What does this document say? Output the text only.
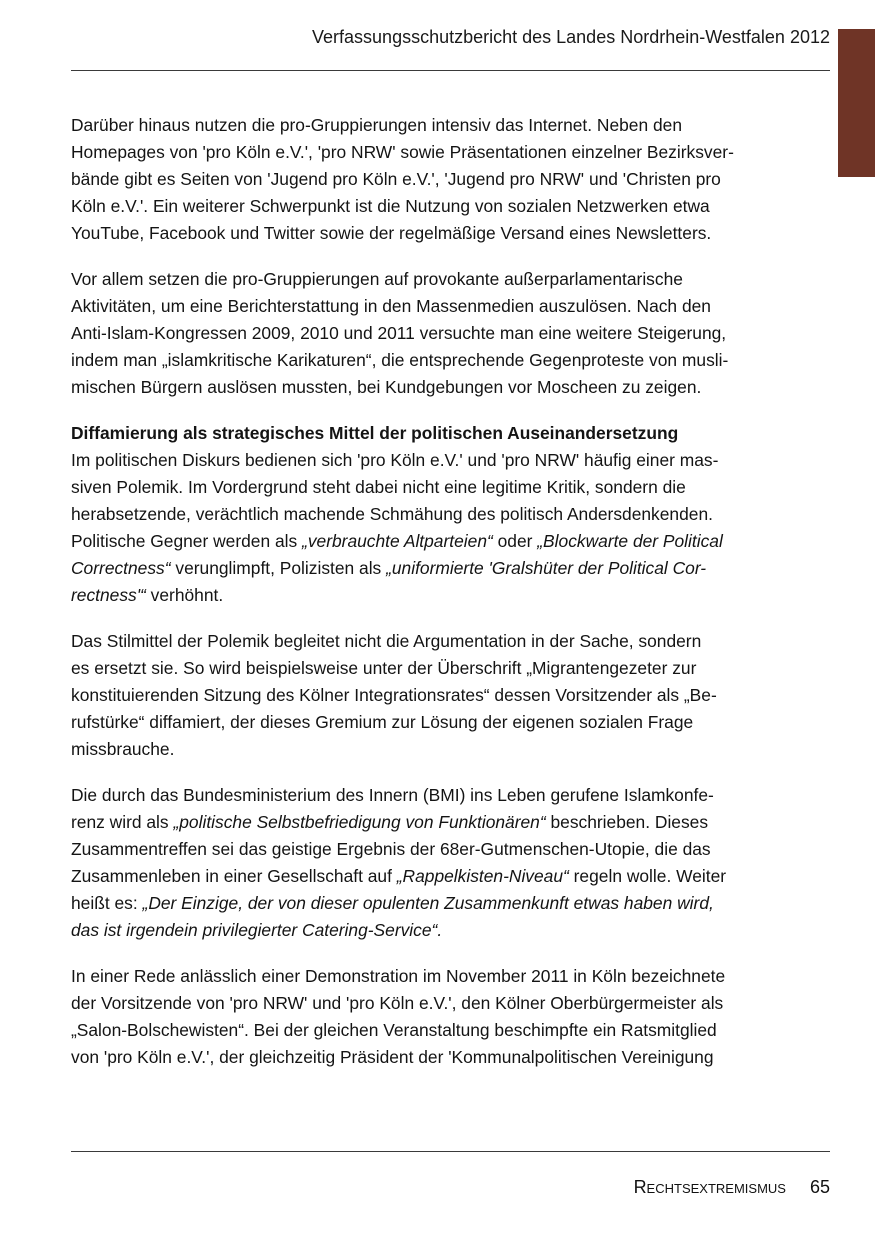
Verfassungsschutzbericht des Landes Nordrhein-Westfalen 2012

Darüber hinaus nutzen die pro-Gruppierungen intensiv das Internet. Neben den

Homepages von 'pro Köln e.V.', 'pro NRW' sowie Präsentationen einzelner Bezirksver-

bände gibt es Seiten von 'Jugend pro Köln e.V.', 'Jugend pro NRW' und 'Christen pro

Köln e.V.'. Ein weiterer Schwerpunkt ist die Nutzung von sozialen Netzwerken etwa

YouTube, Facebook und Twitter sowie der regelmäßige Versand eines Newsletters.

Vor allem setzen die pro-Gruppierungen auf provokante außerparlamentarische

Aktivitäten, um eine Berichterstattung in den Massenmedien auszulösen. Nach den

Anti-Islam-Kongressen 2009, 2010 und 2011 versuchte man eine weitere Steigerung,

indem man „islamkritische Karikaturen“, die entsprechende Gegenproteste von musli-

mischen Bürgern auslösen mussten, bei Kundgebungen vor Moscheen zu zeigen.

Diffamierung als strategisches Mittel der politischen Auseinandersetzung

Im politischen Diskurs bedienen sich 'pro Köln e.V.' und 'pro NRW' häufig einer mas-

siven Polemik. Im Vordergrund steht dabei nicht eine legitime Kritik, sondern die

herabsetzende, verächtlich machende Schmähung des politisch Andersdenkenden.

Politische Gegner werden als „verbrauchte Altparteien“ oder „Blockwarte der Political

Correctness“ verunglimpft, Polizisten als „uniformierte 'Gralshüter der Political Cor-

rectness'“ verhöhnt.

Das Stilmittel der Polemik begleitet nicht die Argumentation in der Sache, sondern

es ersetzt sie. So wird beispielsweise unter der Überschrift „Migrantengezeter zur

konstituierenden Sitzung des Kölner Integrationsrates“ dessen Vorsitzender als „Be-

rufstürke“ diffamiert, der dieses Gremium zur Lösung der eigenen sozialen Frage

missbrauche.

Die durch das Bundesministerium des Innern (BMI) ins Leben gerufene Islamkonfe-

renz wird als „politische Selbstbefriedigung von Funktionären“ beschrieben. Dieses

Zusammentreffen sei das geistige Ergebnis der 68er-Gutmenschen-Utopie, die das

Zusammenleben in einer Gesellschaft auf „Rappelkisten-Niveau“ regeln wolle. Weiter

heißt es: „Der Einzige, der von dieser opulenten Zusammenkunft etwas haben wird,

das ist irgendein privilegierter Catering-Service“.

In einer Rede anlässlich einer Demonstration im November 2011 in Köln bezeichnete

der Vorsitzende von 'pro NRW' und 'pro Köln e.V.', den Kölner Oberbürgermeister als

„Salon-Bolschewisten“. Bei der gleichen Veranstaltung beschimpfte ein Ratsmitglied

von 'pro Köln e.V.', der gleichzeitig Präsident der 'Kommunalpolitischen Vereinigung

Rechtsextremismus 65
